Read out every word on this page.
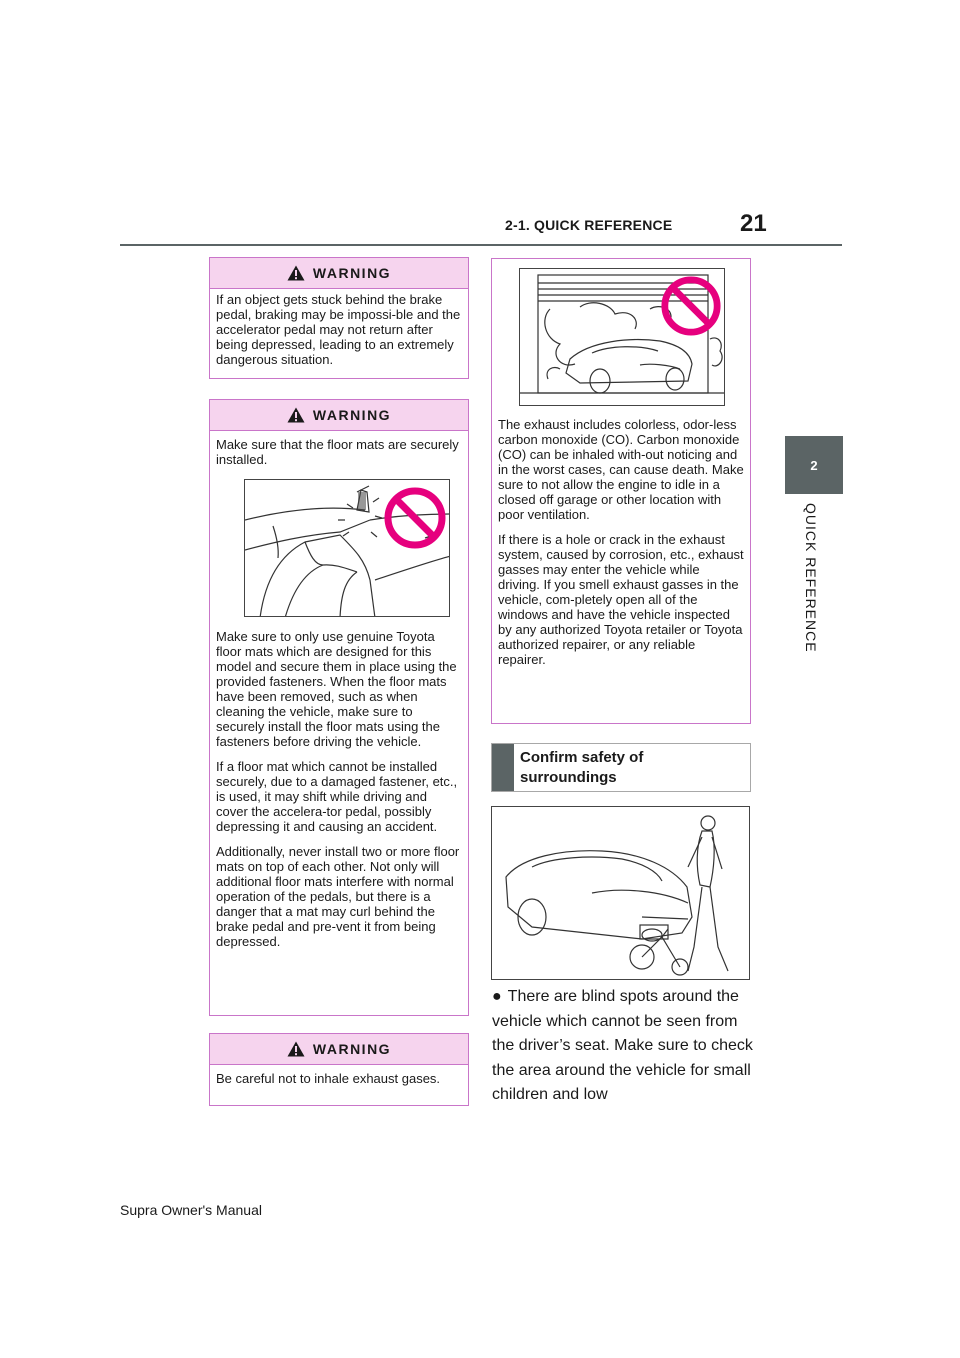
2-1. QUICK REFERENCE	21
2
QUICK REFERENCE
WARNING

If an object gets stuck behind the brake pedal, braking may be impossi-ble and the accelerator pedal may not return after being depressed, leading to an extremely dangerous situation.

WARNING

Make sure that the floor mats are securely installed.

Make sure to only use genuine Toyota floor mats which are designed for this model and secure them in place using the provided fasteners. When the floor mats have been removed, such as when cleaning the vehicle, make sure to securely install the floor mats using the fasteners before driving the vehicle.

If a floor mat which cannot be installed securely, due to a damaged fastener, etc., is used, it may shift while driving and cover the accelera-tor pedal, possibly depressing it and causing an accident.

Additionally, never install two or more floor mats on top of each other. Not only will additional floor mats interfere with normal operation of the pedals, but there is a danger that a mat may curl behind the brake pedal and pre-vent it from being depressed.

WARNING

Be careful not to inhale exhaust gases.

The exhaust includes colorless, odor-less carbon monoxide (CO). Carbon monoxide (CO) can be inhaled with-out noticing and in the worst cases, can cause death. Make sure to not allow the engine to idle in a closed off garage or other location with poor ventilation.

If there is a hole or crack in the exhaust system, caused by corrosion, etc., exhaust gasses may enter the vehicle while driving. If you smell exhaust gasses in the vehicle, com-pletely open all of the windows and have the vehicle inspected by any authorized Toyota retailer or Toyota authorized repairer, or any reliable repairer.

Confirm safety of surroundings
● There are blind spots around the vehicle which cannot be seen from the driver’s seat. Make sure to check the area around the vehicle for small children and low
Supra Owner's Manual
